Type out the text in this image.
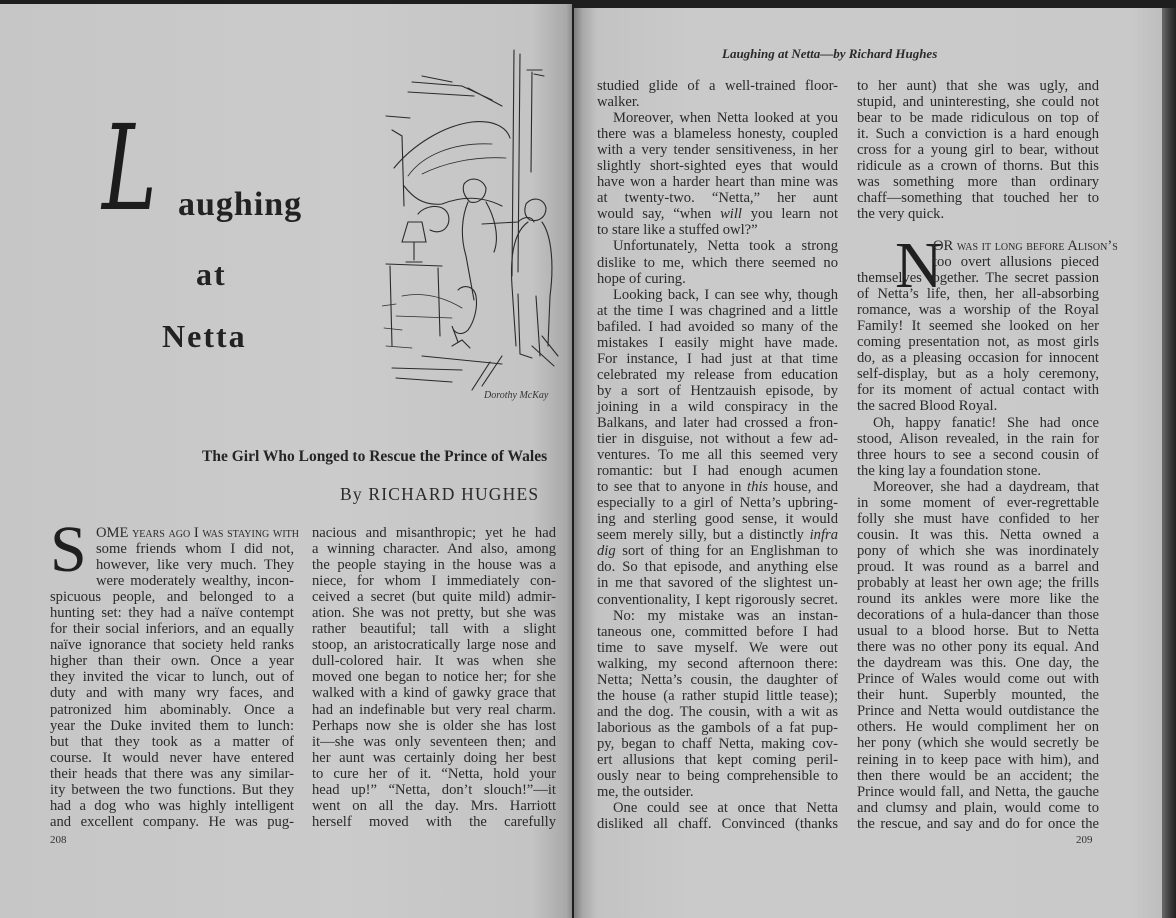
L aughing
at
Netta
Dorothy McKay
The Girl Who Longed to Rescue the Prince of Wales
By RICHARD HUGHES
S OME years ago I was staying with
some friends whom I did not,
however, like very much. They
were moderately wealthy, incon-
spicuous people, and belonged to a
hunting set: they had a naïve contempt
for their social inferiors, and an equally
naïve ignorance that society held ranks
higher than their own. Once a year
they invited the vicar to lunch, out of
duty and with many wry faces, and
patronized him abominably. Once a
year the Duke invited them to lunch:
but that they took as a matter of
course. It would never have entered
their heads that there was any similar-
ity between the two functions. But they
had a dog who was highly intelligent
and excellent company. He was pug-
nacious and misanthropic; yet he had
a winning character. And also, among
the people staying in the house was a
niece, for whom I immediately con-
ceived a secret (but quite mild) admir-
ation. She was not pretty, but she was
rather beautiful; tall with a slight
stoop, an aristocratically large nose and
dull-colored hair. It was when she
moved one began to notice her; for she
walked with a kind of gawky grace that
had an indefinable but very real charm.
Perhaps now she is older she has lost
it—she was only seventeen then; and
her aunt was certainly doing her best
to cure her of it. “Netta, hold your
head up!” “Netta, don’t slouch!”—it
went on all the day. Mrs. Harriott
herself moved with the carefully
208
Laughing at Netta—by Richard Hughes
studied glide of a well-trained floor-
walker.
Moreover, when Netta looked at you
there was a blameless honesty, coupled
with a very tender sensitiveness, in her
slightly short-sighted eyes that would
have won a harder heart than mine was
at twenty-two. “Netta,” her aunt
would say, “when will you learn not
to stare like a stuffed owl?”
Unfortunately, Netta took a strong
dislike to me, which there seemed no
hope of curing.
Looking back, I can see why, though
at the time I was chagrined and a little
bafiled. I had avoided so many of the
mistakes I easily might have made.
For instance, I had just at that time
celebrated my release from education
by a sort of Hentzauish episode, by
joining in a wild conspiracy in the
Balkans, and later had crossed a fron-
tier in disguise, not without a few ad-
ventures. To me all this seemed very
romantic: but I had enough acumen
to see that to anyone in this house, and
especially to a girl of Netta’s upbring-
ing and sterling good sense, it would
seem merely silly, but a distinctly infra
dig sort of thing for an Englishman to
do. So that episode, and anything else
in me that savored of the slightest un-
conventionality, I kept rigorously secret.
No: my mistake was an instan-
taneous one, committed before I had
time to save myself. We were out
walking, my second afternoon there:
Netta; Netta’s cousin, the daughter of
the house (a rather stupid little tease);
and the dog. The cousin, with a wit as
laborious as the gambols of a fat pup-
py, began to chaff Netta, making cov-
ert allusions that kept coming peril-
ously near to being comprehensible to
me, the outsider.
One could see at once that Netta
disliked all chaff. Convinced (thanks
to her aunt) that she was ugly, and
stupid, and uninteresting, she could not
bear to be made ridiculous on top of
it. Such a conviction is a hard enough
cross for a young girl to bear, without
ridicule as a crown of thorns. But this
was something more than ordinary
chaff—something that touched her to
the very quick.
N
OR was it long before Alison’s
too overt allusions pieced
themselves together. The secret passion
of Netta’s life, then, her all-absorbing
romance, was a worship of the Royal
Family! It seemed she looked on her
coming presentation not, as most girls
do, as a pleasing occasion for innocent
self-display, but as a holy ceremony,
for its moment of actual contact with
the sacred Blood Royal.
Oh, happy fanatic! She had once
stood, Alison revealed, in the rain for
three hours to see a second cousin of
the king lay a foundation stone.
Moreover, she had a daydream, that
in some moment of ever-regrettable
folly she must have confided to her
cousin. It was this. Netta owned a
pony of which she was inordinately
proud. It was round as a barrel and
probably at least her own age; the frills
round its ankles were more like the
decorations of a hula-dancer than those
usual to a blood horse. But to Netta
there was no other pony its equal. And
the daydream was this. One day, the
Prince of Wales would come out with
their hunt. Superbly mounted, the
Prince and Netta would outdistance the
others. He would compliment her on
her pony (which she would secretly be
reining in to keep pace with him), and
then there would be an accident; the
Prince would fall, and Netta, the gauche
and clumsy and plain, would come to
the rescue, and say and do for once the
209
